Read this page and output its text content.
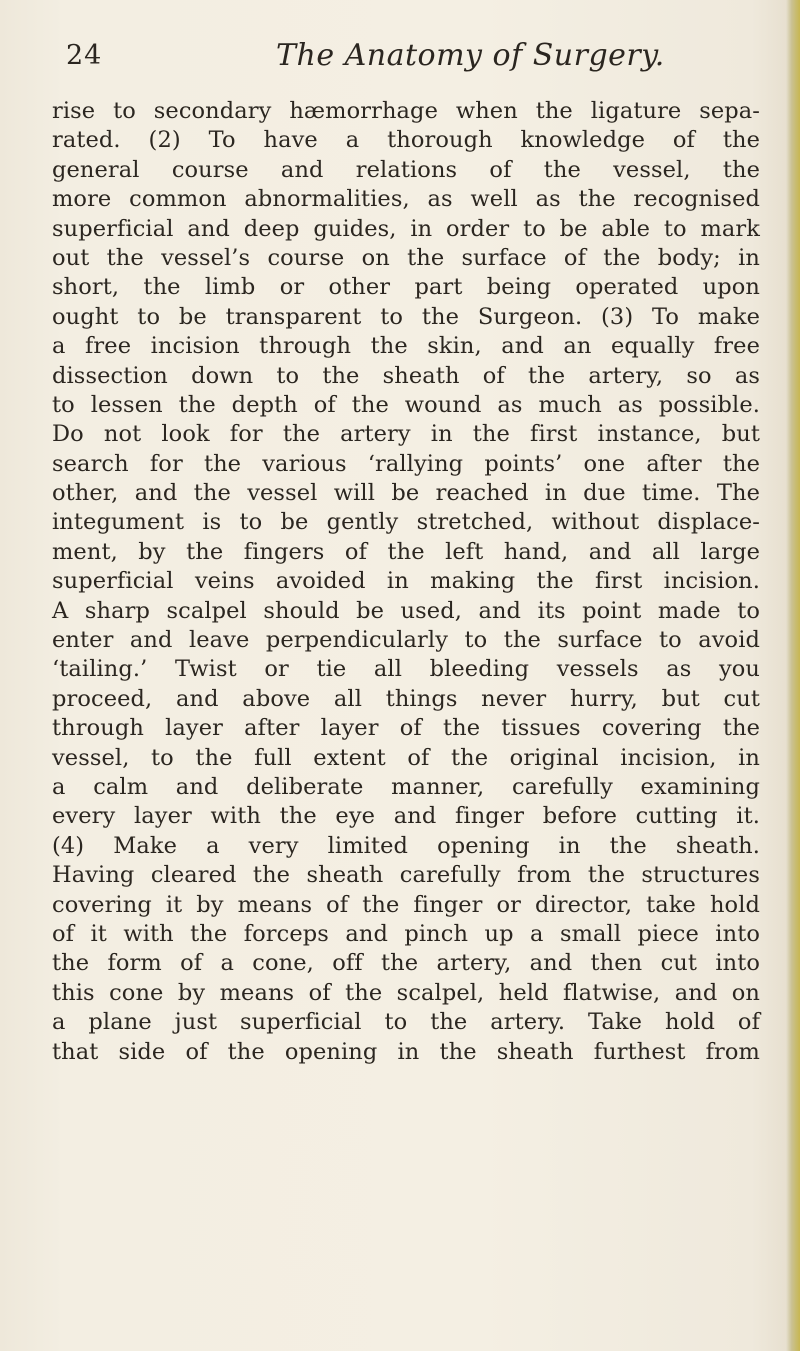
24	The Anatomy of Surgery.
rise to secondary hæmorrhage when the ligature sepa-
rated. (2) To have a thorough knowledge of the
general course and relations of the vessel, the
more common abnormalities, as well as the recognised
superficial and deep guides, in order to be able to mark
out the vessel’s course on the surface of the body; in
short, the limb or other part being operated upon
ought to be transparent to the Surgeon. (3) To make
a free incision through the skin, and an equally free
dissection down to the sheath of the artery, so as
to lessen the depth of the wound as much as possible.
Do not look for the artery in the first instance, but
search for the various ‘rallying points’ one after the
other, and the vessel will be reached in due time. The
integument is to be gently stretched, without displace-
ment, by the fingers of the left hand, and all large
superficial veins avoided in making the first incision.
A sharp scalpel should be used, and its point made to
enter and leave perpendicularly to the surface to avoid
‘tailing.’ Twist or tie all bleeding vessels as you
proceed, and above all things never hurry, but cut
through layer after layer of the tissues covering the
vessel, to the full extent of the original incision, in
a calm and deliberate manner, carefully examining
every layer with the eye and finger before cutting it.
(4) Make a very limited opening in the sheath.
Having cleared the sheath carefully from the structures
covering it by means of the finger or director, take hold
of it with the forceps and pinch up a small piece into
the form of a cone, off the artery, and then cut into
this cone by means of the scalpel, held flatwise, and on
a plane just superficial to the artery. Take hold of
that side of the opening in the sheath furthest from
